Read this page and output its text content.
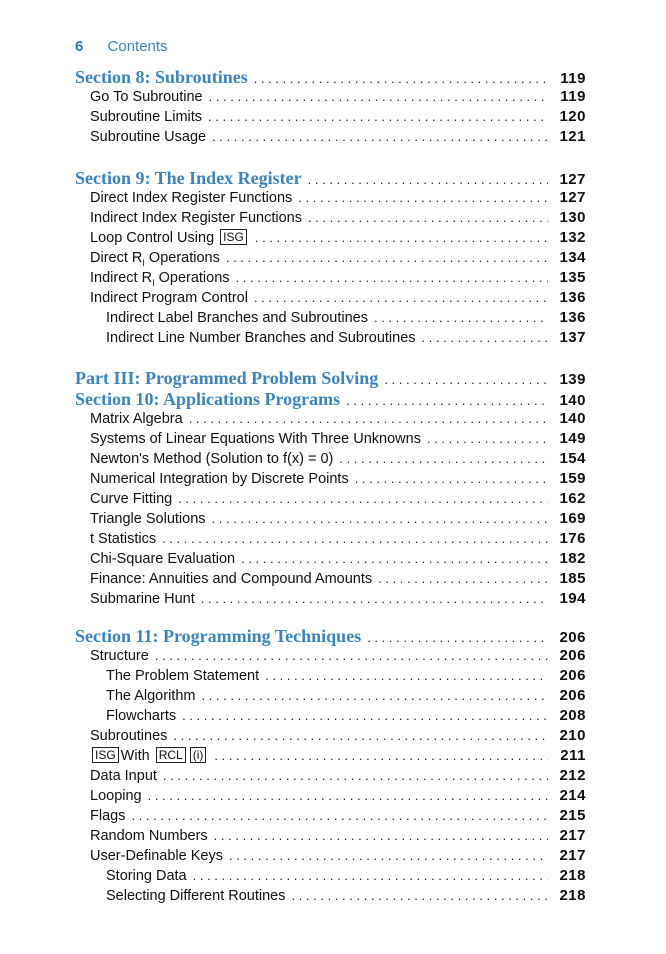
6 Contents
Section 8: Subroutines . . .	119
Go To Subroutine . . .	119
Subroutine Limits . . .	120
Subroutine Usage . . .	121
Section 9: The Index Register . . .	127
Direct Index Register Functions . . .	127
Indirect Index Register Functions . . .	130
Loop Control Using ISG . . .	132
Direct $R_I$ Operations . . .	134
Indirect $R_I$ Operations . . .	135
Indirect Program Control . . .	136
Indirect Label Branches and Subroutines . . .	136
Indirect Line Number Branches and Subroutines . . .	137
Part III: Programmed Problem Solving . . .	139
Section 10: Applications Programs . . .	140
Matrix Algebra . . .	140
Systems of Linear Equations With Three Unknowns . . .	149
Newton's Method (Solution to f(x) = 0) . . .	154
Numerical Integration by Discrete Points . . .	159
Curve Fitting . . .	162
Triangle Solutions . . .	169
t Statistics . . .	176
Chi-Square Evaluation . . .	182
Finance: Annuities and Compound Amounts . . .	185
Submarine Hunt . . .	194
Section 11: Programming Techniques . . .	206
Structure . . .	206
The Problem Statement . . .	206
The Algorithm . . .	206
Flowcharts . . .	208
Subroutines . . .	210
ISG With RCL (i) . . .	211
Data Input . . .	212
Looping . . .	214
Flags . . .	215
Random Numbers . . .	217
User-Definable Keys . . .	217
Storing Data . . .	218
Selecting Different Routines . . .	218
